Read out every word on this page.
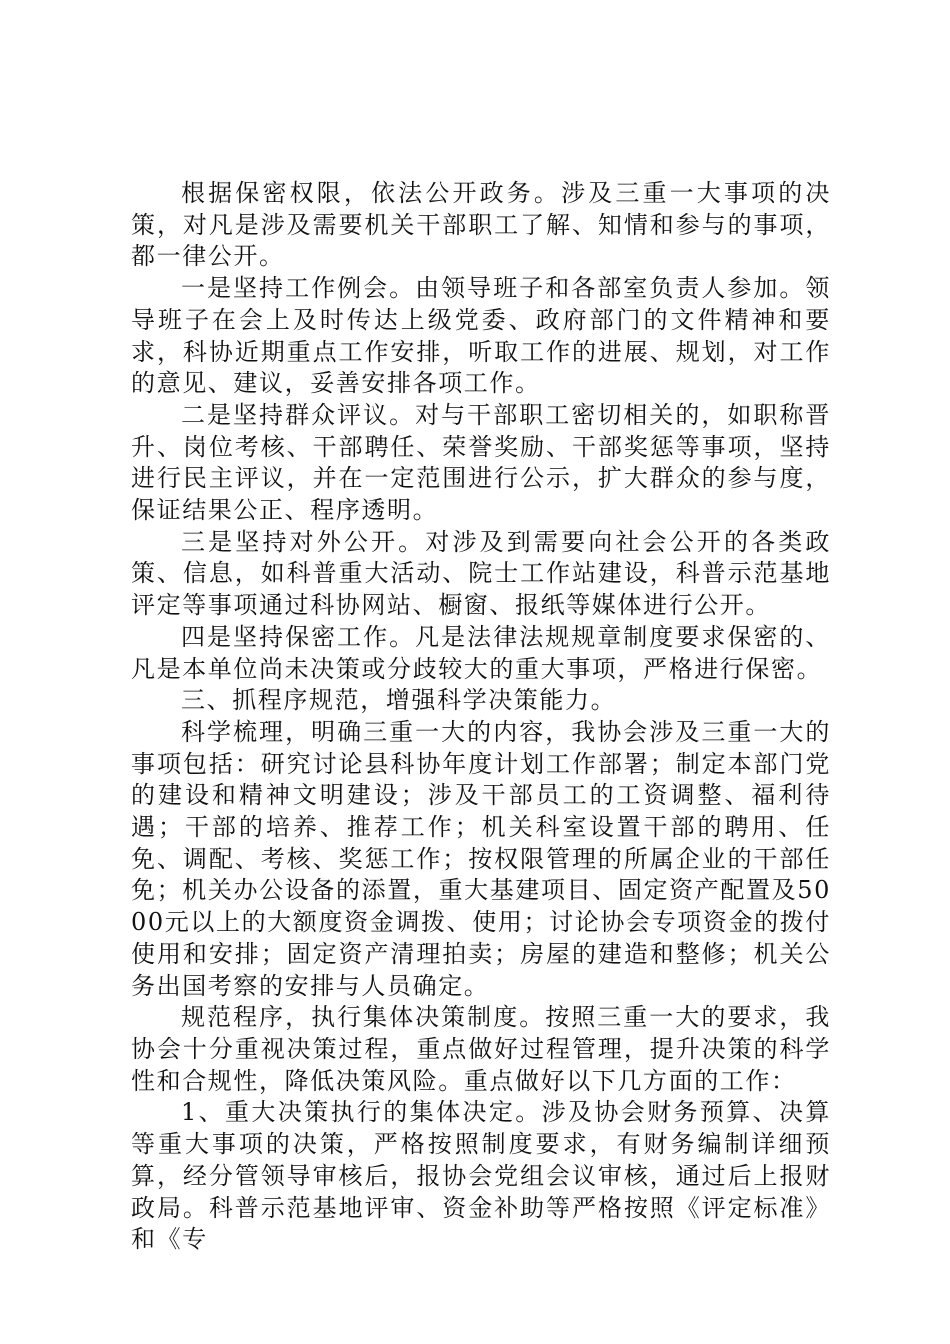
根据保密权限，依法公开政务。涉及三重一大事项的决策，对凡是涉及需要机关干部职工了解、知情和参与的事项，都一律公开。

一是坚持工作例会。由领导班子和各部室负责人参加。领导班子在会上及时传达上级党委、政府部门的文件精神和要求，科协近期重点工作安排，听取工作的进展、规划，对工作的意见、建议，妥善安排各项工作。

二是坚持群众评议。对与干部职工密切相关的，如职称晋升、岗位考核、干部聘任、荣誉奖励、干部奖惩等事项，坚持进行民主评议，并在一定范围进行公示，扩大群众的参与度，保证结果公正、程序透明。

三是坚持对外公开。对涉及到需要向社会公开的各类政策、信息，如科普重大活动、院士工作站建设，科普示范基地评定等事项通过科协网站、橱窗、报纸等媒体进行公开。

四是坚持保密工作。凡是法律法规规章制度要求保密的、凡是本单位尚未决策或分歧较大的重大事项，严格进行保密。

三、抓程序规范，增强科学决策能力。

科学梳理，明确三重一大的内容，我协会涉及三重一大的事项包括：研究讨论县科协年度计划工作部署；制定本部门党的建设和精神文明建设；涉及干部员工的工资调整、福利待遇；干部的培养、推荐工作；机关科室设置干部的聘用、任免、调配、考核、奖惩工作；按权限管理的所属企业的干部任免；机关办公设备的添置，重大基建项目、固定资产配置及5000元以上的大额度资金调拨、使用；讨论协会专项资金的拨付使用和安排；固定资产清理拍卖；房屋的建造和整修；机关公务出国考察的安排与人员确定。

规范程序，执行集体决策制度。按照三重一大的要求，我协会十分重视决策过程，重点做好过程管理，提升决策的科学性和合规性，降低决策风险。重点做好以下几方面的工作：

1、重大决策执行的集体决定。涉及协会财务预算、决算等重大事项的决策，严格按照制度要求，有财务编制详细预算，经分管领导审核后，报协会党组会议审核，通过后上报财政局。科普示范基地评审、资金补助等严格按照《评定标准》和《专
